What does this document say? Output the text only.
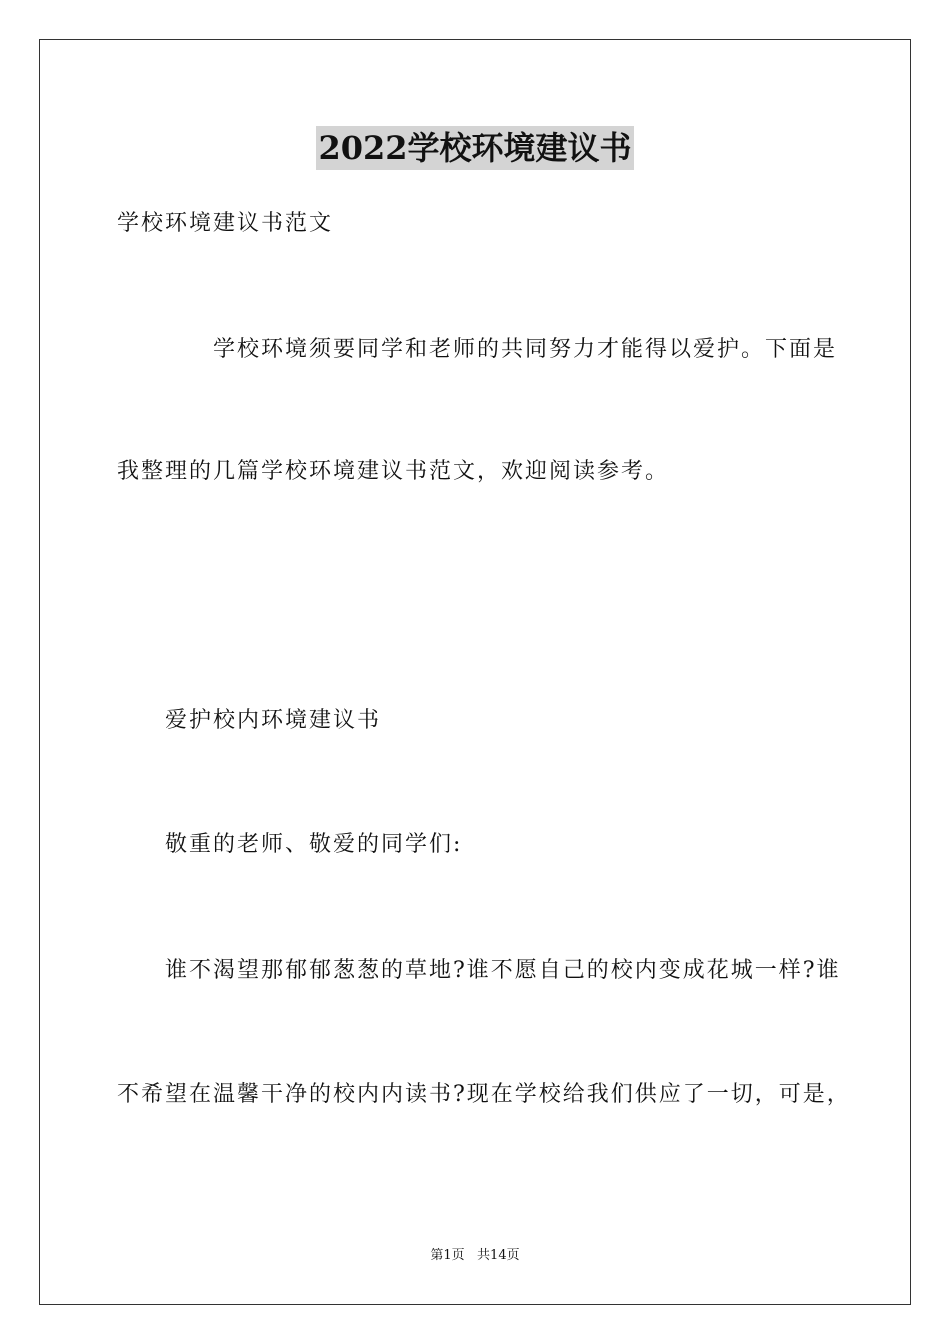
2022学校环境建议书
学校环境建议书范文
学校环境须要同学和老师的共同努力才能得以爱护。下面是
我整理的几篇学校环境建议书范文，欢迎阅读参考。
爱护校内环境建议书
敬重的老师、敬爱的同学们:
谁不渴望那郁郁葱葱的草地?谁不愿自己的校内变成花城一样?谁
不希望在温馨干净的校内内读书?现在学校给我们供应了一切，可是，
第1页   共14页
